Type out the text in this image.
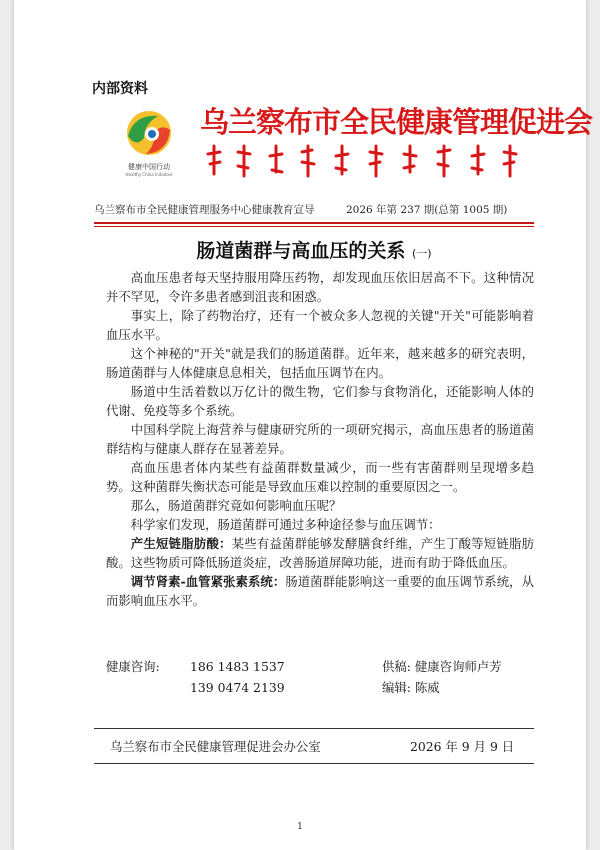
内部资料
健康中国行动
Healthy China Initiative
乌兰察布市全民健康管理促进会
乌兰察布市全民健康管理服务中心健康教育宣导	2026 年第 237 期(总第 1005 期)
肠道菌群与高血压的关系 (一)

高血压患者每天坚持服用降压药物，却发现血压依旧居高不下。这种情况并不罕见，令许多患者感到沮丧和困惑。

事实上，除了药物治疗，还有一个被众多人忽视的关键"开关"可能影响着血压水平。

这个神秘的"开关"就是我们的肠道菌群。近年来，越来越多的研究表明，肠道菌群与人体健康息息相关，包括血压调节在内。

肠道中生活着数以万亿计的微生物，它们参与食物消化，还能影响人体的代谢、免疫等多个系统。

中国科学院上海营养与健康研究所的一项研究揭示，高血压患者的肠道菌群结构与健康人群存在显著差异。

高血压患者体内某些有益菌群数量减少，而一些有害菌群则呈现增多趋势。这种菌群失衡状态可能是导致血压难以控制的重要原因之一。

那么，肠道菌群究竟如何影响血压呢？

科学家们发现，肠道菌群可通过多种途径参与血压调节：

产生短链脂肪酸：某些有益菌群能够发酵膳食纤维，产生丁酸等短链脂肪酸。这些物质可降低肠道炎症，改善肠道屏障功能，进而有助于降低血压。

调节肾素-血管紧张素系统：肠道菌群能影响这一重要的血压调节系统，从而影响血压水平。

健康咨询: 186 1483 1537
139 0474 2139
供稿: 健康咨询师卢芳
编辑: 陈威
乌兰察布市全民健康管理促进会办公室	2026 年 9 月 9 日
1
